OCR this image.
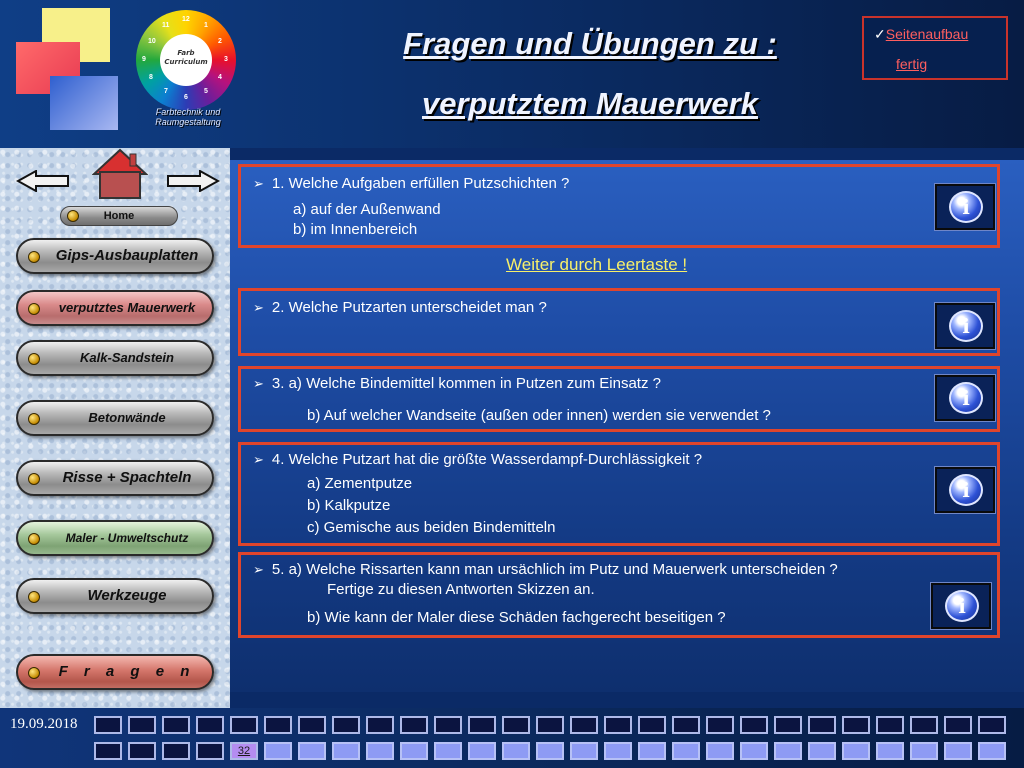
12
1
2
3
4
5
6
7
8
9
10
11
Farb Curriculum
Farbtechnik und
Raumgestaltung
Fragen und Übungen zu :
verputztem Mauerwerk
✓Seitenaufbau
fertig
Home
Gips-Ausbauplatten
verputztes Mauerwerk
Kalk-Sandstein
Betonwände
Risse + Spachteln
Maler - Umweltschutz
Werkzeuge
F r a g e n
➢ 1. Welche Aufgaben erfüllen Putzschichten ?
a) auf der Außenwand
b) im Innenbereich
i
Weiter durch Leertaste !
➢ 2. Welche Putzarten unterscheidet man ?
i
➢ 3. a) Welche Bindemittel kommen in Putzen zum Einsatz ?
b) Auf welcher Wandseite (außen oder innen) werden sie verwendet ?
i
➢ 4. Welche Putzart hat die größte Wasserdampf-Durchlässigkeit ?
a) Zementputze
b) Kalkputze
c) Gemische aus beiden Bindemitteln
i
➢ 5. a) Welche Rissarten kann man ursächlich im Putz und Mauerwerk unterscheiden ?
Fertige zu diesen Antworten Skizzen an.
b) Wie kann der Maler diese Schäden fachgerecht beseitigen ?	i
19.09.2018
32
